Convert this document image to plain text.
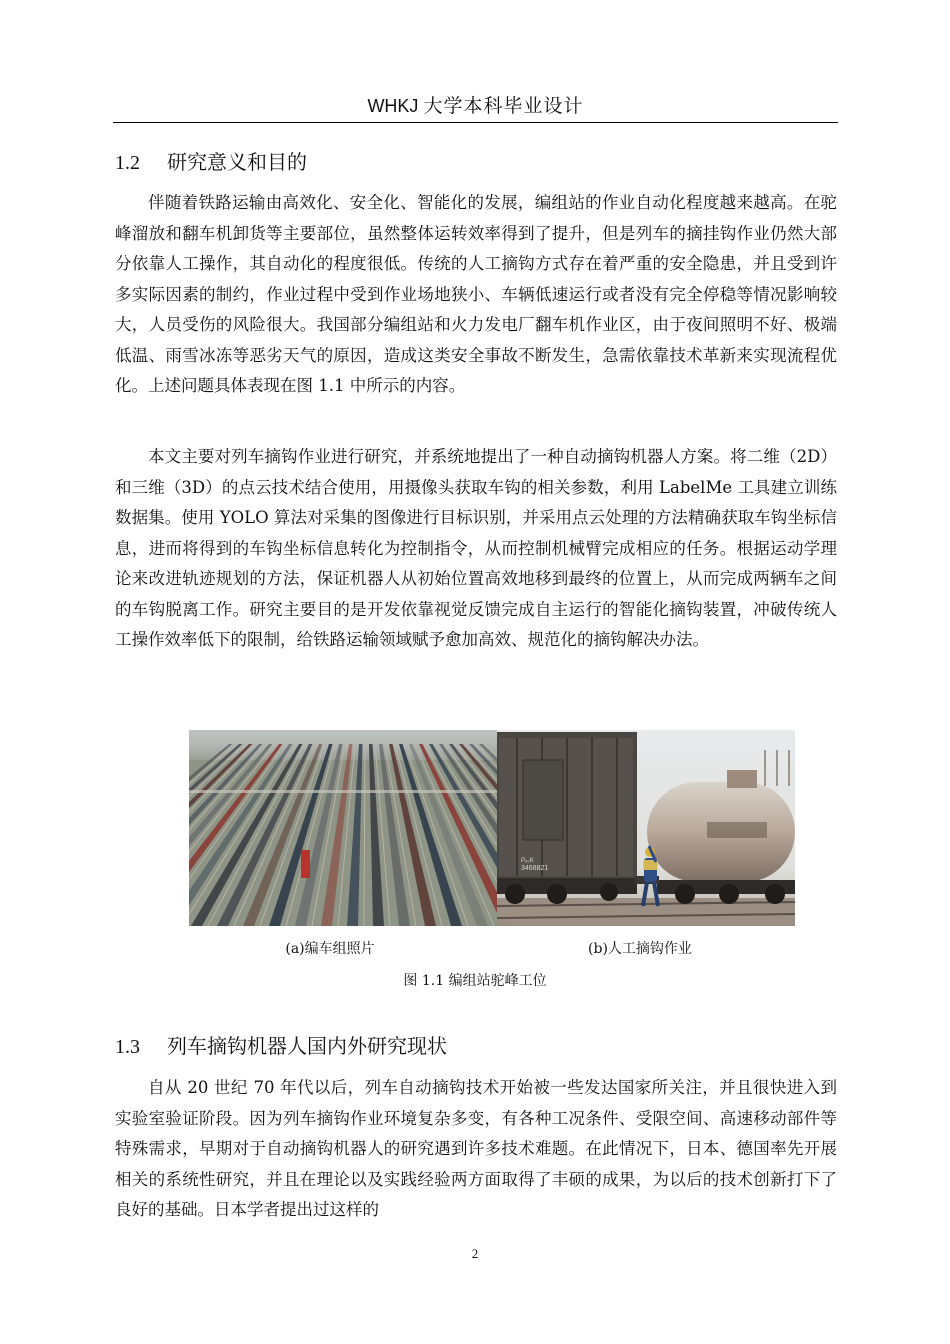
WHKJ 大学本科毕业设计
1.2 研究意义和目的

伴随着铁路运输由高效化、安全化、智能化的发展，编组站的作业自动化程度越来越高。在驼峰溜放和翻车机卸货等主要部位，虽然整体运转效率得到了提升，但是列车的摘挂钩作业仍然大部分依靠人工操作，其自动化的程度很低。传统的人工摘钩方式存在着严重的安全隐患，并且受到许多实际因素的制约，作业过程中受到作业场地狭小、车辆低速运行或者没有完全停稳等情况影响较大，人员受伤的风险很大。我国部分编组站和火力发电厂翻车机作业区，由于夜间照明不好、极端低温、雨雪冰冻等恶劣天气的原因，造成这类安全事故不断发生，急需依靠技术革新来实现流程优化。上述问题具体表现在图 1.1 中所示的内容。

本文主要对列车摘钩作业进行研究，并系统地提出了一种自动摘钩机器人方案。将二维（2D）和三维（3D）的点云技术结合使用，用摄像头获取车钩的相关参数，利用 LabelMe 工具建立训练数据集。使用 YOLO 算法对采集的图像进行目标识别，并采用点云处理的方法精确获取车钩坐标信息，进而将得到的车钩坐标信息转化为控制指令，从而控制机械臂完成相应的任务。根据运动学理论来改进轨迹规划的方法，保证机器人从初始位置高效地移到最终的位置上，从而完成两辆车之间的车钩脱离工作。研究主要目的是开发依靠视觉反馈完成自主运行的智能化摘钩装置，冲破传统人工操作效率低下的限制，给铁路运输领域赋予愈加高效、规范化的摘钩解决办法。

P₆₀K
3468821
(a)编车组照片	(b)人工摘钩作业
图 1.1 编组站驼峰工位
1.3 列车摘钩机器人国内外研究现状

自从 20 世纪 70 年代以后，列车自动摘钩技术开始被一些发达国家所关注，并且很快进入到实验室验证阶段。因为列车摘钩作业环境复杂多变，有各种工况条件、受限空间、高速移动部件等特殊需求，早期对于自动摘钩机器人的研究遇到许多技术难题。在此情况下，日本、德国率先开展相关的系统性研究，并且在理论以及实践经验两方面取得了丰硕的成果，为以后的技术创新打下了良好的基础。日本学者提出过这样的

2
